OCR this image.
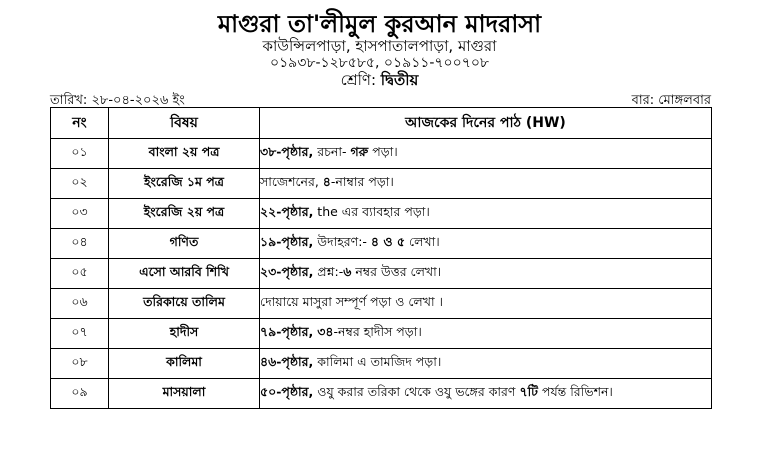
মাগুরা তা'লীমুল কুরআন মাদরাসা
কাউন্সিলপাড়া, হাসপাতালপাড়া, মাগুরা
০১৯৩৮-১২৮৫৮৫, ০১৯১১-৭০০৭০৮
শ্রেণি: দ্বিতীয়
তারিখ: ২৮-০৪-২০২৬ ইং	বার: মোঙ্গলবার
নং	বিষয়	আজকের দিনের পাঠ (HW)
০১	বাংলা ২য় পত্র	৩৮-পৃষ্ঠার, রচনা- গরু পড়া।
০২	ইংরেজি ১ম পত্র	সাজেশনের, ৪-নাম্বার পড়া।
০৩	ইংরেজি ২য় পত্র	২২-পৃষ্ঠার, the এর ব্যাবহার পড়া।
০৪	গণিত	১৯-পৃষ্ঠার, উদাহরণ:- ৪ ও ৫ লেখা।
০৫	এসো আরবি শিখি	২৩-পৃষ্ঠার, প্রশ্ন:-৬ নম্বর উত্তর লেখা।
০৬	তরিকায়ে তালিম	দোয়ায়ে মাসুরা সম্পূর্ণ পড়া ও লেখা ।
০৭	হাদীস	৭৯-পৃষ্ঠার, ৩৪-নম্বর হাদীস পড়া।
০৮	কালিমা	৪৬-পৃষ্ঠার, কালিমা এ তামজিদ পড়া।
০৯	মাসয়ালা	৫০-পৃষ্ঠার, ওযু করার তরিকা থেকে ওযু ভঙ্গের কারণ ৭টি পর্যন্ত রিভিশন।
